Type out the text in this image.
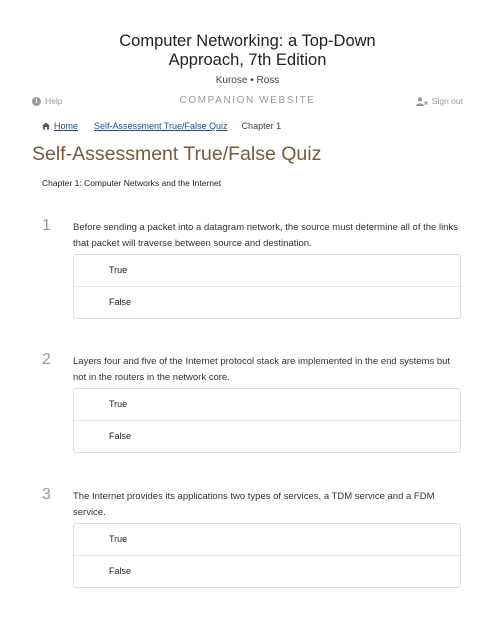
Computer Networking: a Top-Down Approach, 7th Edition
Kurose • Ross
i Help	COMPANION WEBSITE	Sign out
Home Self-Assessment True/False Quiz Chapter 1
Self-Assessment True/False Quiz
Chapter 1: Computer Networks and the Internet
1 Before sending a packet into a datagram network, the source must determine all of the links that packet will traverse between source and destination.
True
False
2 Layers four and five of the Internet protocol stack are implemented in the end systems but not in the routers in the network core.
True
False
3 The Internet provides its applications two types of services, a TDM service and a FDM service.
True
False
